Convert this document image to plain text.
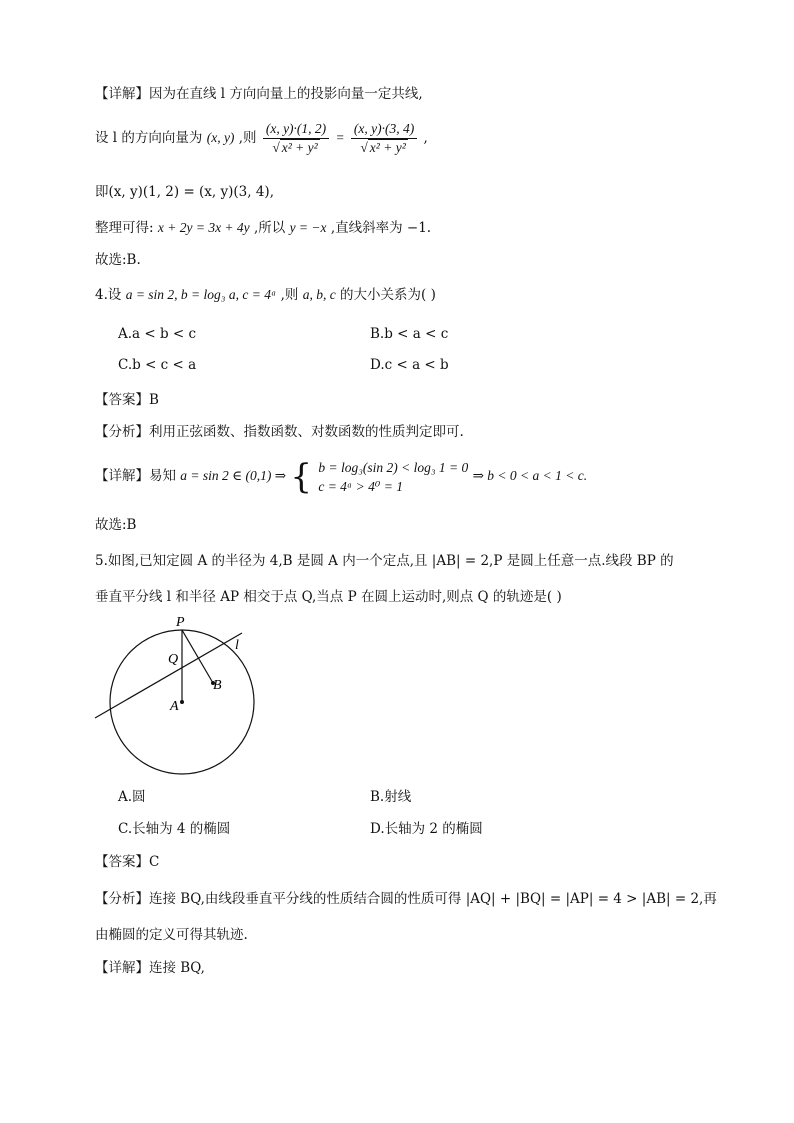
【详解】因为在直线 l 方向向量上的投影向量一定共线,
设 l 的方向向量为 (x, y) ,则 $\frac{(x, y)\cdot(1, 2)}{\text{√ x² + y²}} = \frac{(x, y)\cdot(3, 4)}{\text{√ x² + y²}}$ ,
即(x, y)(1, 2) = (x, y)(3, 4),
整理可得: x + 2y = 3x + 4y ,所以 y = −x ,直线斜率为 −1.
故选:B.
4.设 a = sin 2, b = log₃ a, c = 4ᵃ ,则 a, b, c 的大小关系为( )
A.a < b < c	B.b < a < c
C.b < c < a	D.c < a < b
【答案】B
【分析】利用正弦函数、指数函数、对数函数的性质判定即可.
【详解】易知 a = sin 2 ∈ (0,1) ⇒ { b = log₃(sin 2) < log₃ 1 = 0
c = 4ᵃ > 4⁰ = 1
⇒ b < 0 < a < 1 < c.
故选:B
5.如图,已知定圆 A 的半径为 4,B 是圆 A 内一个定点,且 |AB| = 2,P 是圆上任意一点.线段 BP 的
垂直平分线 l 和半径 AP 相交于点 Q,当点 P 在圆上运动时,则点 Q 的轨迹是( )
P
Q
A
B
l
A.圆	B.射线
C.长轴为 4 的椭圆	D.长轴为 2 的椭圆
【答案】C
【分析】连接 BQ,由线段垂直平分线的性质结合圆的性质可得 |AQ| + |BQ| = |AP| = 4 > |AB| = 2,再
由椭圆的定义可得其轨迹.
【详解】连接 BQ,
